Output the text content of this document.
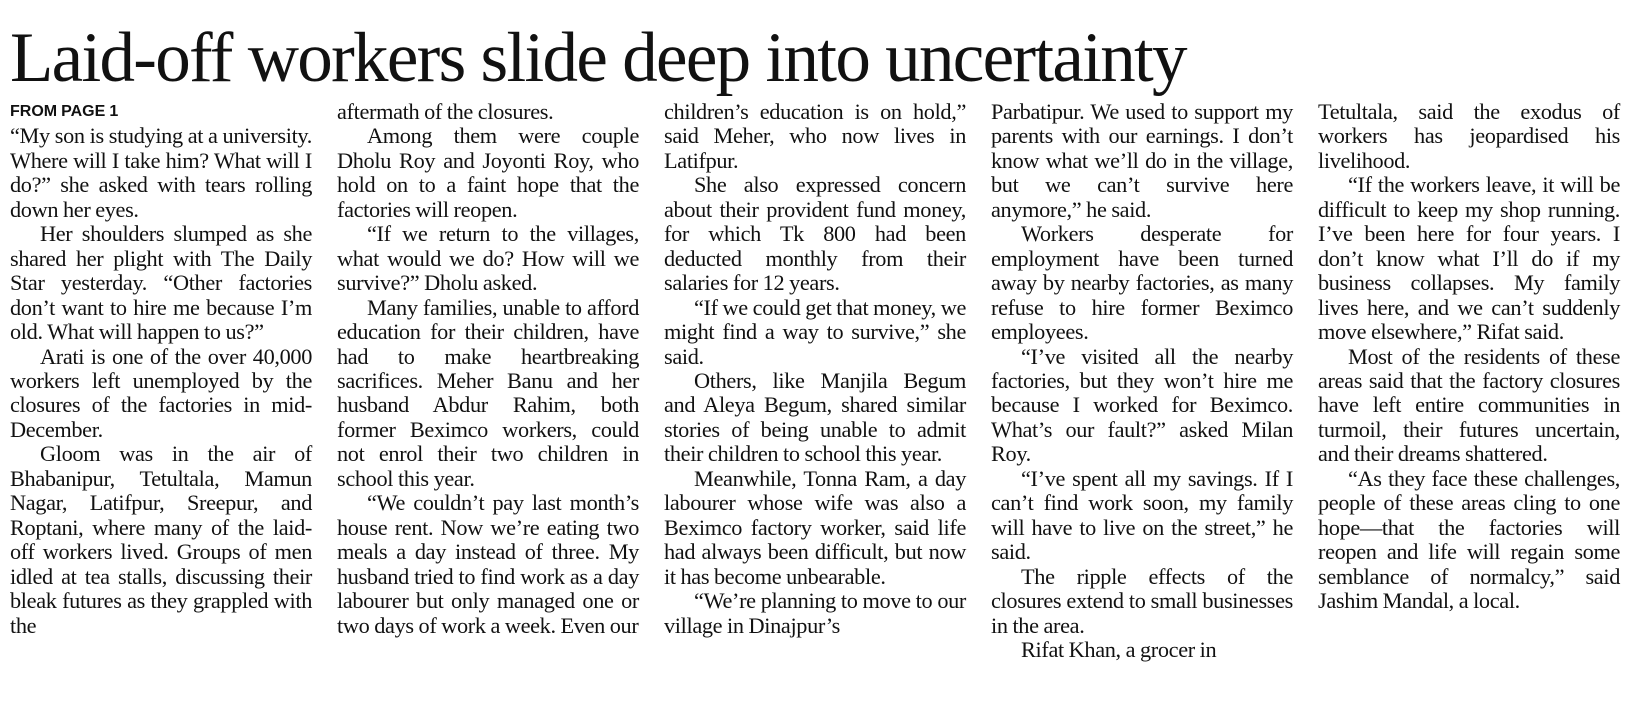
Laid-off workers slide deep into uncertainty
FROM PAGE 1

“My son is studying at a university. Where will I take him? What will I do?” she asked with tears rolling down her eyes.

Her shoulders slumped as she shared her plight with The Daily Star yesterday. “Other factories don’t want to hire me because I’m old. What will happen to us?”

Arati is one of the over 40,000 workers left unemployed by the closures of the factories in mid-December.

Gloom was in the air of Bhabanipur, Tetultala, Mamun Nagar, Latifpur, Sreepur, and Roptani, where many of the laid-off workers lived. Groups of men idled at tea stalls, discussing their bleak futures as they grappled with the

aftermath of the closures.

Among them were couple Dholu Roy and Joyonti Roy, who hold on to a faint hope that the factories will reopen.

“If we return to the villages, what would we do? How will we survive?” Dholu asked.

Many families, unable to afford education for their children, have had to make heartbreaking sacrifices. Meher Banu and her husband Abdur Rahim, both former Beximco workers, could not enrol their two children in school this year.

“We couldn’t pay last month’s house rent. Now we’re eating two meals a day instead of three. My husband tried to find work as a day labourer but only managed one or two days of work a week. Even our

children’s education is on hold,” said Meher, who now lives in Latifpur.

She also expressed concern about their provident fund money, for which Tk 800 had been deducted monthly from their salaries for 12 years.

“If we could get that money, we might find a way to survive,” she said.

Others, like Manjila Begum and Aleya Begum, shared similar stories of being unable to admit their children to school this year.

Meanwhile, Tonna Ram, a day labourer whose wife was also a Beximco factory worker, said life had always been difficult, but now it has become unbearable.

“We’re planning to move to our village in Dinajpur’s

Parbatipur. We used to support my parents with our earnings. I don’t know what we’ll do in the village, but we can’t survive here anymore,” he said.

Workers desperate for employment have been turned away by nearby factories, as many refuse to hire former Beximco employees.

“I’ve visited all the nearby factories, but they won’t hire me because I worked for Beximco. What’s our fault?” asked Milan Roy.

“I’ve spent all my savings. If I can’t find work soon, my family will have to live on the street,” he said.

The ripple effects of the closures extend to small businesses in the area.

Rifat Khan, a grocer in

Tetultala, said the exodus of workers has jeopardised his livelihood.

“If the workers leave, it will be difficult to keep my shop running. I’ve been here for four years. I don’t know what I’ll do if my business collapses. My family lives here, and we can’t suddenly move elsewhere,” Rifat said.

Most of the residents of these areas said that the factory closures have left entire communities in turmoil, their futures uncertain, and their dreams shattered.

“As they face these challenges, people of these areas cling to one hope—that the factories will reopen and life will regain some semblance of normalcy,” said Jashim Mandal, a local.
